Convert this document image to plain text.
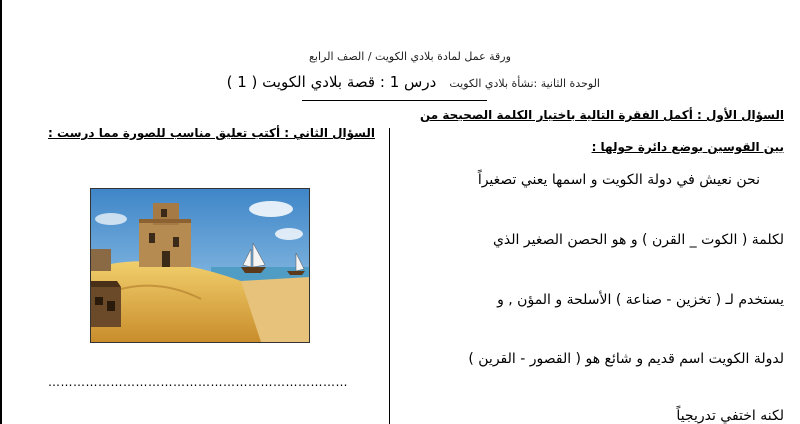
ورقة عمل لمادة بلادي الكويت / الصف الرابع
الوحدة الثانية :نشأة بلادي الكويت درس 1 : قصة بلادي الكويت ( 1 )
السؤال الأول : أكمل الفقرة التالية باختيار الكلمة الصحيحة من
بين القوسين بوضع دائرة حولها :
نحن نعيش في دولة الكويت و اسمها يعني تصغيراً
لكلمة ( الكوت _ القرن ) و هو الحصن الصغير الذي
يستخدم لـ ( تخزين - صناعة ) الأسلحة و المؤن , و
لدولة الكويت اسم قديم و شائع هو ( القصور - القرين )
لكنه اختفي تدريجياً
السؤال الثاني : أكتب تعليق مناسب للصورة مما درست :
………………………………………………………………
